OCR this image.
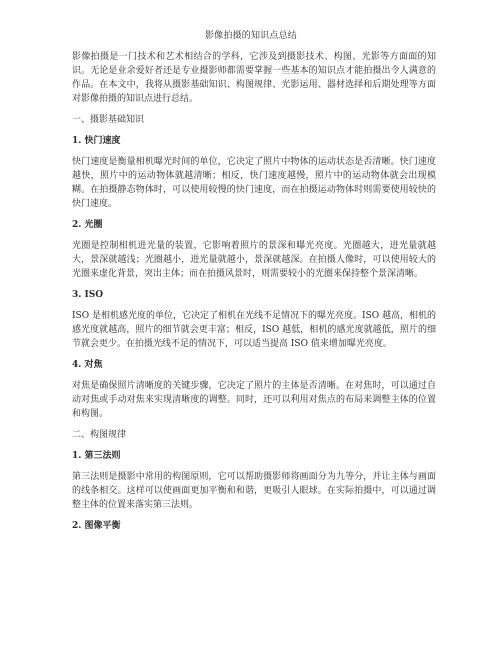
影像拍摄的知识点总结

影像拍摄是一门技术和艺术相结合的学科，它涉及到摄影技术、构图、光影等方面面的知识。无论是业余爱好者还是专业摄影师都需要掌握一些基本的知识点才能拍摄出令人满意的作品。在本文中，我将从摄影基础知识、构图规律、光影运用、器材选择和后期处理等方面对影像拍摄的知识点进行总结。

一、摄影基础知识
1. 快门速度

快门速度是衡量相机曝光时间的单位，它决定了照片中物体的运动状态是否清晰。快门速度越快，照片中的运动物体就越清晰；相反，快门速度越慢，照片中的运动物体就会出现模糊。在拍摄静态物体时，可以使用较慢的快门速度，而在拍摄运动物体时则需要使用较快的快门速度。

2. 光圈

光圈是控制相机进光量的装置，它影响着照片的景深和曝光亮度。光圈越大，进光量就越大，景深就越浅；光圈越小，进光量就越小，景深就越深。在拍摄人像时，可以使用较大的光圈来虚化背景，突出主体；而在拍摄风景时，则需要较小的光圈来保持整个景深清晰。

3. ISO

ISO 是相机感光度的单位，它决定了相机在光线不足情况下的曝光亮度。ISO 越高，相机的感光度就越高，照片的细节就会更丰富；相反，ISO 越低，相机的感光度就越低，照片的细节就会更少。在拍摄光线不足的情况下，可以适当提高 ISO 值来增加曝光亮度。

4. 对焦

对焦是确保照片清晰度的关键步骤，它决定了照片的主体是否清晰。在对焦时，可以通过自动对焦或手动对焦来实现清晰度的调整。同时，还可以利用对焦点的布局来调整主体的位置和构图。

二、构图规律
1. 第三法则

第三法则是摄影中常用的构图原则，它可以帮助摄影师将画面分为九等分，并让主体与画面的线条相交。这样可以使画面更加平衡和和谐，更吸引人眼球。在实际拍摄中，可以通过调整主体的位置来落实第三法则。

2. 图像平衡
